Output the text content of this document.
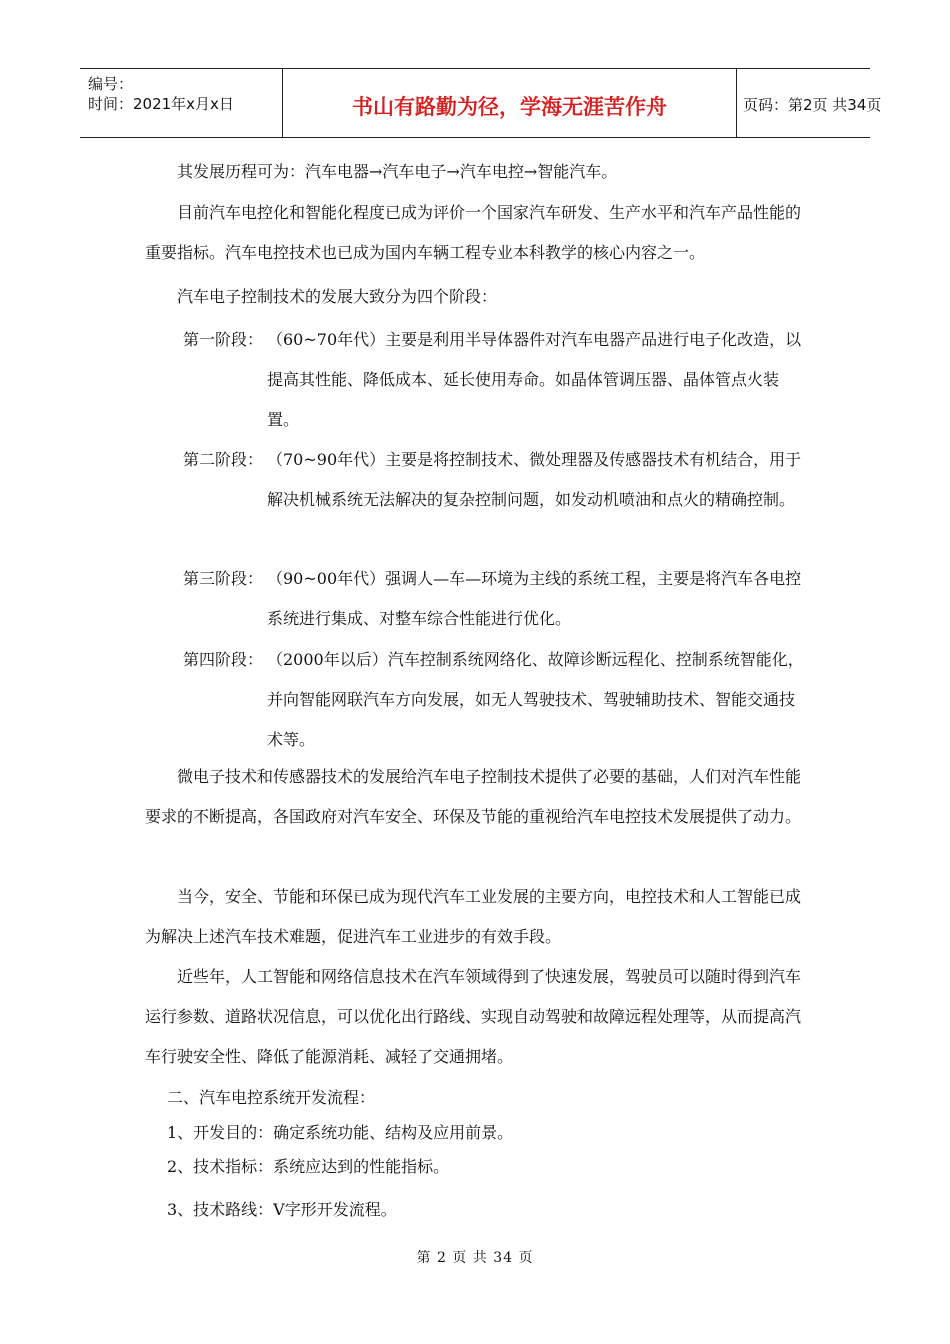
编号：
时间：2021年x月x日	书山有路勤为径，学海无涯苦作舟	页码：第2页 共34页
其发展历程可为：汽车电器→汽车电子→汽车电控→智能汽车。
目前汽车电控化和智能化程度已成为评价一个国家汽车研发、生产水平和汽车产品性能的重要指标。汽车电控技术也已成为国内车辆工程专业本科教学的核心内容之一。
汽车电子控制技术的发展大致分为四个阶段：
第一阶段： （60~70年代）主要是利用半导体器件对汽车电器产品进行电子化改造，以提高其性能、降低成本、延长使用寿命。如晶体管调压器、晶体管点火装置。
第二阶段： （70~90年代）主要是将控制技术、微处理器及传感器技术有机结合，用于解决机械系统无法解决的复杂控制问题，如发动机喷油和点火的精确控制。
第三阶段： （90~00年代）强调人—车—环境为主线的系统工程，主要是将汽车各电控系统进行集成、对整车综合性能进行优化。
第四阶段： （2000年以后）汽车控制系统网络化、故障诊断远程化、控制系统智能化，并向智能网联汽车方向发展，如无人驾驶技术、驾驶辅助技术、智能交通技术等。
微电子技术和传感器技术的发展给汽车电子控制技术提供了必要的基础，人们对汽车性能要求的不断提高，各国政府对汽车安全、环保及节能的重视给汽车电控技术发展提供了动力。
当今，安全、节能和环保已成为现代汽车工业发展的主要方向，电控技术和人工智能已成为解决上述汽车技术难题，促进汽车工业进步的有效手段。
近些年，人工智能和网络信息技术在汽车领域得到了快速发展，驾驶员可以随时得到汽车运行参数、道路状况信息，可以优化出行路线、实现自动驾驶和故障远程处理等，从而提高汽车行驶安全性、降低了能源消耗、减轻了交通拥堵。
二、汽车电控系统开发流程：
1、开发目的：确定系统功能、结构及应用前景。
2、技术指标：系统应达到的性能指标。
3、技术路线：V字形开发流程。
第 2 页 共 34 页
